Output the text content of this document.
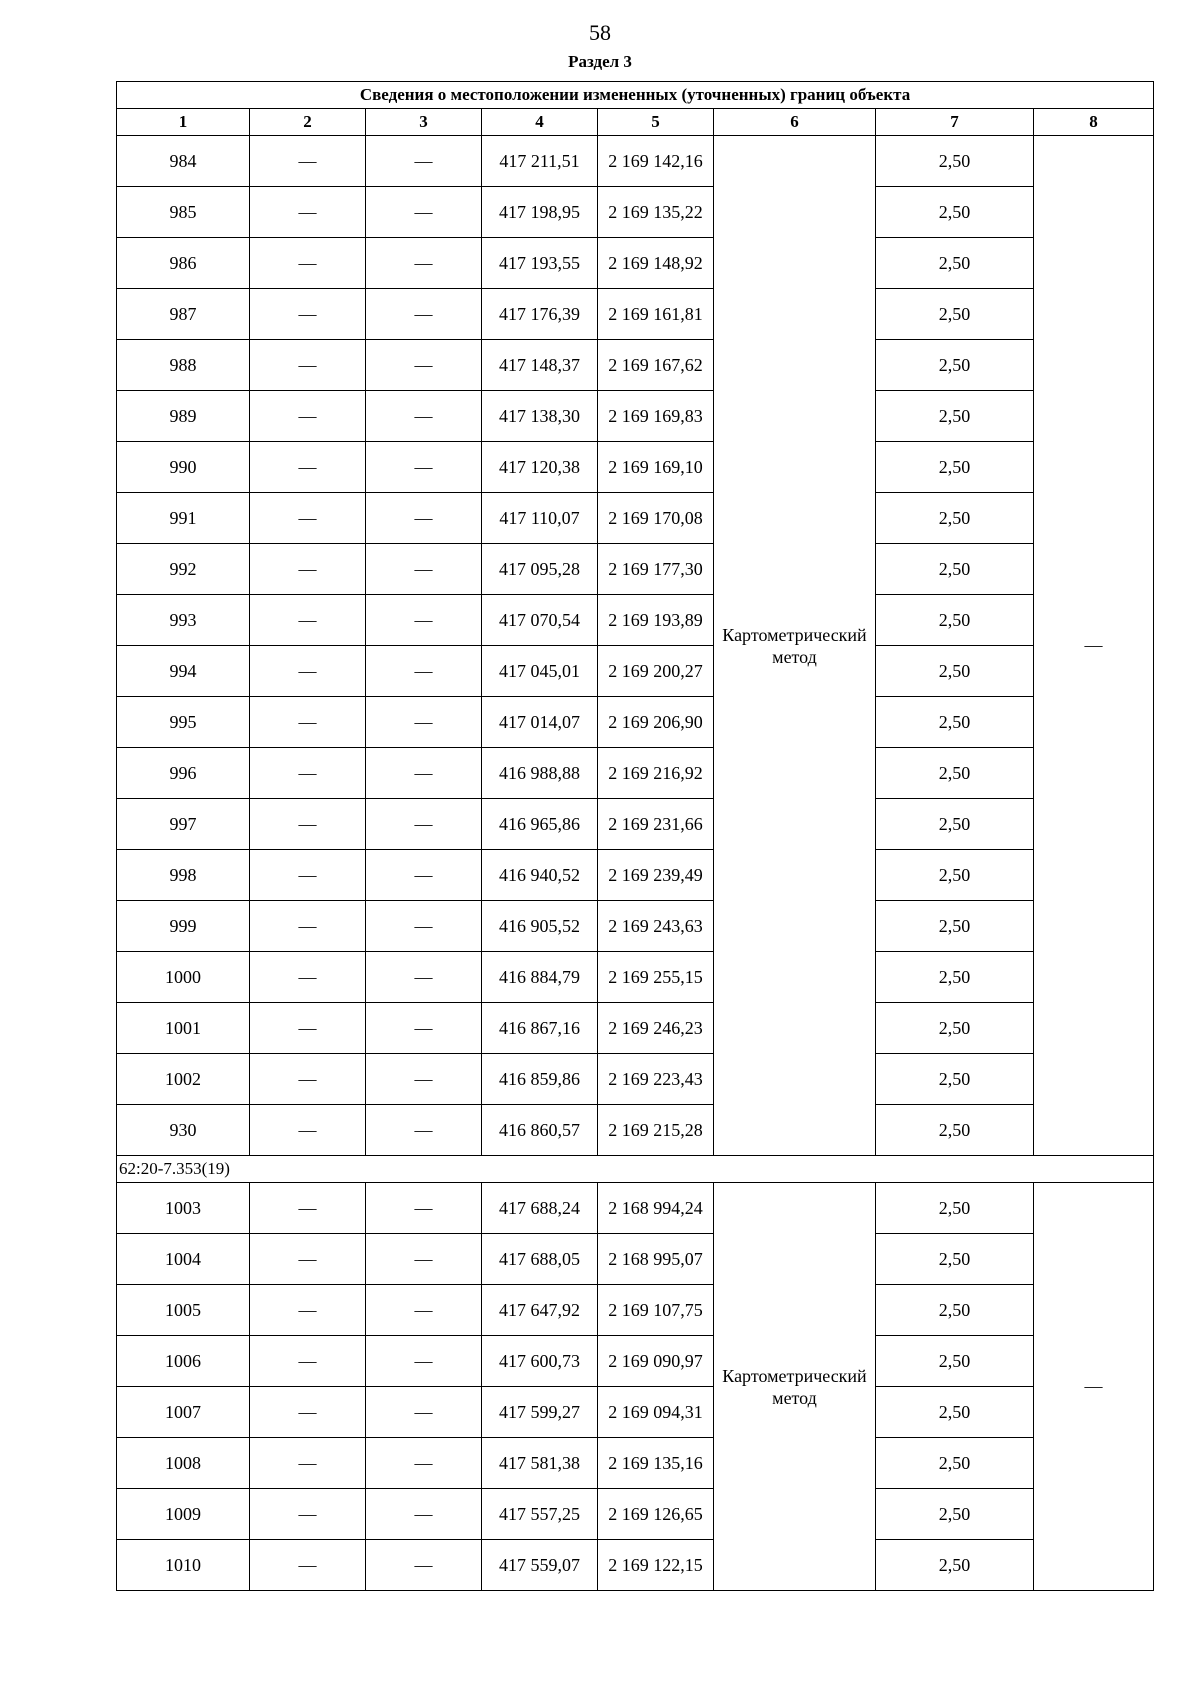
58
Раздел 3
Сведения о местоположении измененных (уточненных) границ объекта							
1	2	3	4	5	6	7	8
984	—	—	417 211,51	2 169 142,16	Картометрический метод	2,50	—
985	—	—	417 198,95	2 169 135,22		2,50	
986	—	—	417 193,55	2 169 148,92		2,50	
987	—	—	417 176,39	2 169 161,81		2,50	
988	—	—	417 148,37	2 169 167,62		2,50	
989	—	—	417 138,30	2 169 169,83		2,50	
990	—	—	417 120,38	2 169 169,10		2,50	
991	—	—	417 110,07	2 169 170,08		2,50	
992	—	—	417 095,28	2 169 177,30		2,50	
993	—	—	417 070,54	2 169 193,89		2,50	
994	—	—	417 045,01	2 169 200,27		2,50	
995	—	—	417 014,07	2 169 206,90		2,50	
996	—	—	416 988,88	2 169 216,92		2,50	
997	—	—	416 965,86	2 169 231,66		2,50	
998	—	—	416 940,52	2 169 239,49		2,50	
999	—	—	416 905,52	2 169 243,63		2,50	
1000	—	—	416 884,79	2 169 255,15		2,50	
1001	—	—	416 867,16	2 169 246,23		2,50	
1002	—	—	416 859,86	2 169 223,43		2,50	
930	—	—	416 860,57	2 169 215,28		2,50	
62:20-7.353(19)							
1003	—	—	417 688,24	2 168 994,24	Картометрический метод	2,50	—
1004	—	—	417 688,05	2 168 995,07		2,50	
1005	—	—	417 647,92	2 169 107,75		2,50	
1006	—	—	417 600,73	2 169 090,97		2,50	
1007	—	—	417 599,27	2 169 094,31		2,50	
1008	—	—	417 581,38	2 169 135,16		2,50	
1009	—	—	417 557,25	2 169 126,65		2,50	
1010	—	—	417 559,07	2 169 122,15		2,50	
